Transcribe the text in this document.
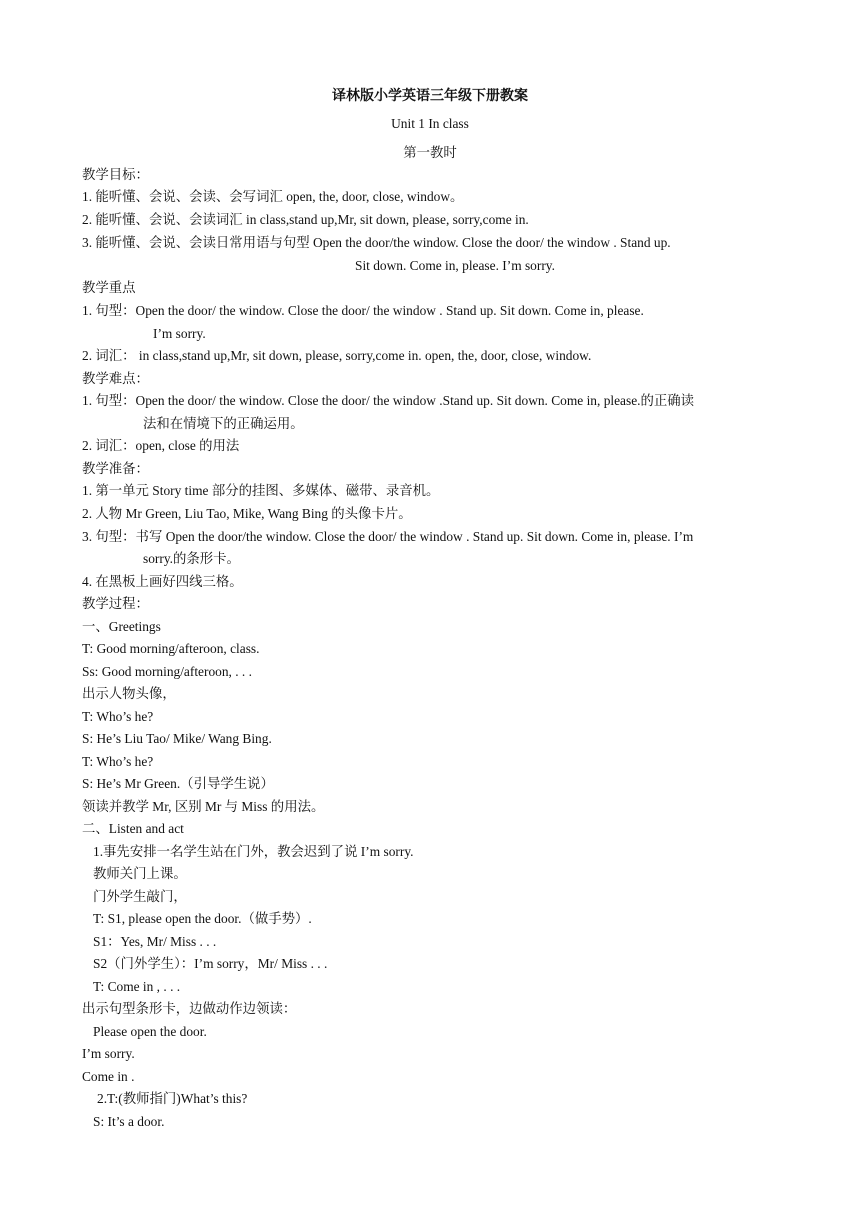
译林版小学英语三年级下册教案
Unit 1 In class
第一教时
教学目标：
1. 能听懂、会说、会读、会写词汇 open, the, door, close, window。
2. 能听懂、会说、会读词汇 in class,stand up,Mr, sit down, please, sorry,come in.
3. 能听懂、会说、会读日常用语与句型 Open the door/the window. Close the door/ the window . Stand up.
Sit down. Come in, please. I’m sorry.
教学重点
1. 句型：Open the door/ the window. Close the door/ the window . Stand up. Sit down. Come in, please.
I’m sorry.
2. 词汇： in class,stand up,Mr, sit down, please, sorry,come in. open, the, door, close, window.
教学难点：
1. 句型：Open the door/ the window. Close the door/ the window .Stand up. Sit down. Come in, please.的正确读
法和在情境下的正确运用。
2. 词汇：open, close 的用法
教学准备：
1. 第一单元 Story time 部分的挂图、多媒体、磁带、录音机。
2. 人物 Mr Green, Liu Tao, Mike, Wang Bing 的头像卡片。
3. 句型：书写 Open the door/the window. Close the door/ the window . Stand up. Sit down. Come in, please. I’m
sorry.的条形卡。
4. 在黑板上画好四线三格。
教学过程：
一、Greetings
T: Good morning/afteroon, class.
Ss: Good morning/afteroon, . . .
出示人物头像，
T: Who’s he?
S: He’s Liu Tao/ Mike/ Wang Bing.
T: Who’s he?
S: He’s Mr Green.（引导学生说）
领读并教学 Mr, 区别 Mr 与 Miss 的用法。
二、Listen and act
1.事先安排一名学生站在门外，教会迟到了说 I’m sorry.
教师关门上课。
门外学生敲门，
T: S1, please open the door.（做手势）.
S1：Yes, Mr/ Miss . . .
S2（门外学生）：I’m sorry，Mr/ Miss . . .
T: Come in , . . .
出示句型条形卡，边做动作边领读：
Please open the door.
I’m sorry.
Come in .
2.T:(教师指门)What’s this?
S: It’s a door.
